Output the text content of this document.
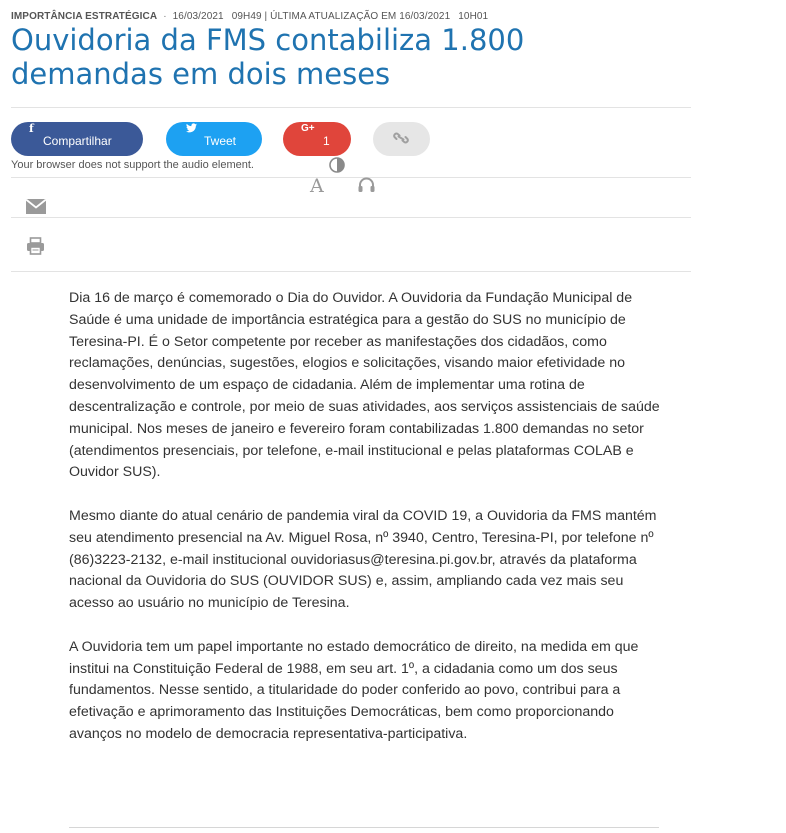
IMPORTÂNCIA ESTRATÉGICA · 16/03/2021 09H49 | ÚLTIMA ATUALIZAÇÃO EM 16/03/2021 10H01
Ouvidoria da FMS contabiliza 1.800 demandas em dois meses
f
Compartilhar	Tweet
G+
1
Your browser does not support the audio element.
A

Dia 16 de março é comemorado o Dia do Ouvidor. A Ouvidoria da Fundação Municipal de Saúde é uma unidade de importância estratégica para a gestão do SUS no município de Teresina-PI. É o Setor competente por receber as manifestações dos cidadãos, como reclamações, denúncias, sugestões, elogios e solicitações, visando maior efetividade no desenvolvimento de um espaço de cidadania. Além de implementar uma rotina de descentralização e controle, por meio de suas atividades, aos serviços assistenciais de saúde municipal. Nos meses de janeiro e fevereiro foram contabilizadas 1.800 demandas no setor (atendimentos presenciais, por telefone, e-mail institucional e pelas plataformas COLAB e Ouvidor SUS).

Mesmo diante do atual cenário de pandemia viral da COVID 19, a Ouvidoria da FMS mantém seu atendimento presencial na Av. Miguel Rosa, nº 3940, Centro, Teresina-PI, por telefone nº (86)3223-2132, e-mail institucional ouvidoriasus@teresina.pi.gov.br, através da plataforma nacional da Ouvidoria do SUS (OUVIDOR SUS) e, assim, ampliando cada vez mais seu acesso ao usuário no município de Teresina.

A Ouvidoria tem um papel importante no estado democrático de direito, na medida em que institui na Constituição Federal de 1988, em seu art. 1º, a cidadania como um dos seus fundamentos. Nesse sentido, a titularidade do poder conferido ao povo, contribui para a efetivação e aprimoramento das Instituições Democráticas, bem como proporcionando avanços no modelo de democracia representativa-participativa.
